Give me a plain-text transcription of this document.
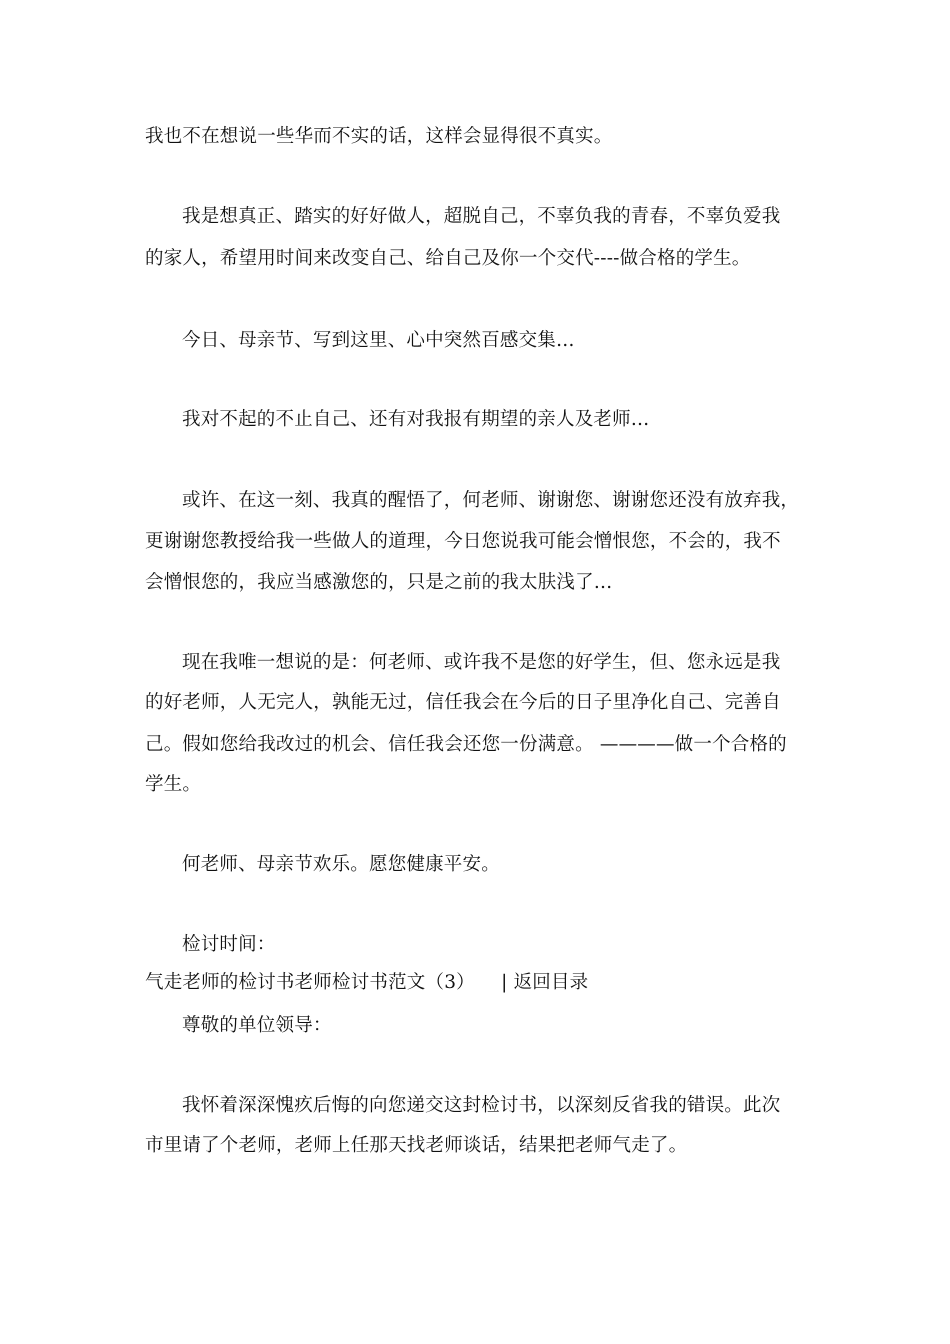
我也不在想说一些华而不实的话，这样会显得很不真实。
我是想真正、踏实的好好做人，超脱自己，不辜负我的青春，不辜负爱我
的家人，希望用时间来改变自己、给自己及你一个交代----做合格的学生。
今日、母亲节、写到这里、心中突然百感交集…
我对不起的不止自己、还有对我报有期望的亲人及老师…
或许、在这一刻、我真的醒悟了，何老师、谢谢您、谢谢您还没有放弃我，
更谢谢您教授给我一些做人的道理，今日您说我可能会憎恨您，不会的，我不
会憎恨您的，我应当感激您的，只是之前的我太肤浅了…
现在我唯一想说的是：何老师、或许我不是您的好学生，但、您永远是我
的好老师，人无完人，孰能无过，信任我会在今后的日子里净化自己、完善自
己。假如您给我改过的机会、信任我会还您一份满意。 ————做一个合格的
学生。
何老师、母亲节欢乐。愿您健康平安。
检讨时间：
气走老师的检讨书老师检讨书范文（3） | 返回目录
尊敬的单位领导：
我怀着深深愧疚后悔的向您递交这封检讨书，以深刻反省我的错误。此次
市里请了个老师，老师上任那天找老师谈话，结果把老师气走了。
